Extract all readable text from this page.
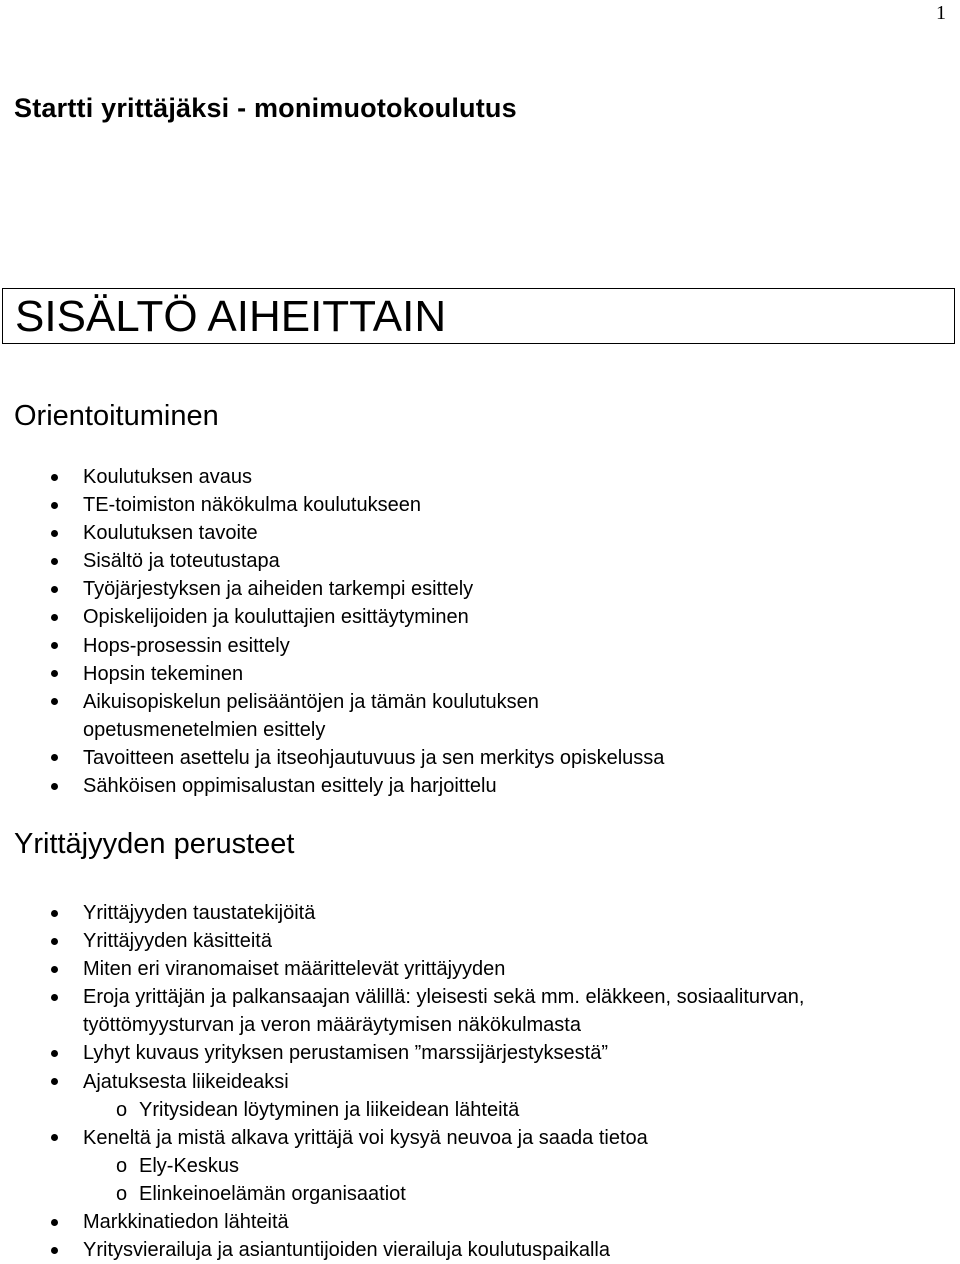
1
Startti yrittäjäksi - monimuotokoulutus
SISÄLTÖ AIHEITTAIN
Orientoituminen
Koulutuksen avaus
TE-toimiston näkökulma koulutukseen
Koulutuksen tavoite
Sisältö ja toteutustapa
Työjärjestyksen ja aiheiden tarkempi esittely
Opiskelijoiden ja kouluttajien esittäytyminen
Hops-prosessin esittely
Hopsin tekeminen
Aikuisopiskelun pelisääntöjen ja tämän koulutuksen
opetusmenetelmien esittely
Tavoitteen asettelu ja itseohjautuvuus ja sen merkitys opiskelussa
Sähköisen oppimisalustan esittely ja harjoittelu
Yrittäjyyden perusteet
Yrittäjyyden taustatekijöitä
Yrittäjyyden käsitteitä
Miten eri viranomaiset määrittelevät yrittäjyyden
Eroja yrittäjän ja palkansaajan välillä: yleisesti sekä mm. eläkkeen, sosiaaliturvan,
työttömyysturvan ja veron määräytymisen näkökulmasta
Lyhyt kuvaus yrityksen perustamisen ”marssijärjestyksestä”
Ajatuksesta liikeideaksi
o Yritysidean löytyminen ja liikeidean lähteitä
Keneltä ja mistä alkava yrittäjä voi kysyä neuvoa ja saada tietoa
o Ely-Keskus
o Elinkeinoelämän organisaatiot
Markkinatiedon lähteitä
Yritysvierailuja ja asiantuntijoiden vierailuja koulutuspaikalla
